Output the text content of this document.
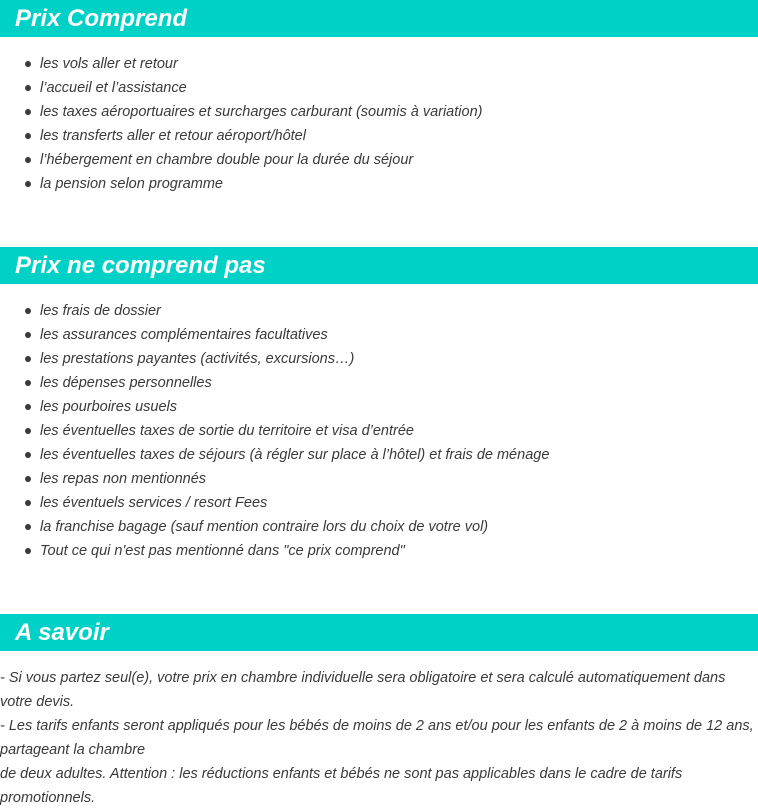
Prix Comprend
les vols aller et retour
l’accueil et l’assistance
les taxes aéroportuaires et surcharges carburant (soumis à variation)
les transferts aller et retour aéroport/hôtel
l’hébergement en chambre double pour la durée du séjour
la pension selon programme
Prix ne comprend pas
les frais de dossier
les assurances complémentaires facultatives
les prestations payantes (activités, excursions…)
les dépenses personnelles
les pourboires usuels
les éventuelles taxes de sortie du territoire et visa d’entrée
les éventuelles taxes de séjours (à régler sur place à l’hôtel) et frais de ménage
les repas non mentionnés
les éventuels services / resort Fees
la franchise bagage (sauf mention contraire lors du choix de votre vol)
Tout ce qui n'est pas mentionné dans "ce prix comprend"
A savoir

- Si vous partez seul(e), votre prix en chambre individuelle sera obligatoire et sera calculé automatiquement dans votre devis.

- Les tarifs enfants seront appliqués pour les bébés de moins de 2 ans et/ou pour les enfants de 2 à moins de 12 ans, partageant la chambre

de deux adultes. Attention : les réductions enfants et bébés ne sont pas applicables dans le cadre de tarifs promotionnels.
